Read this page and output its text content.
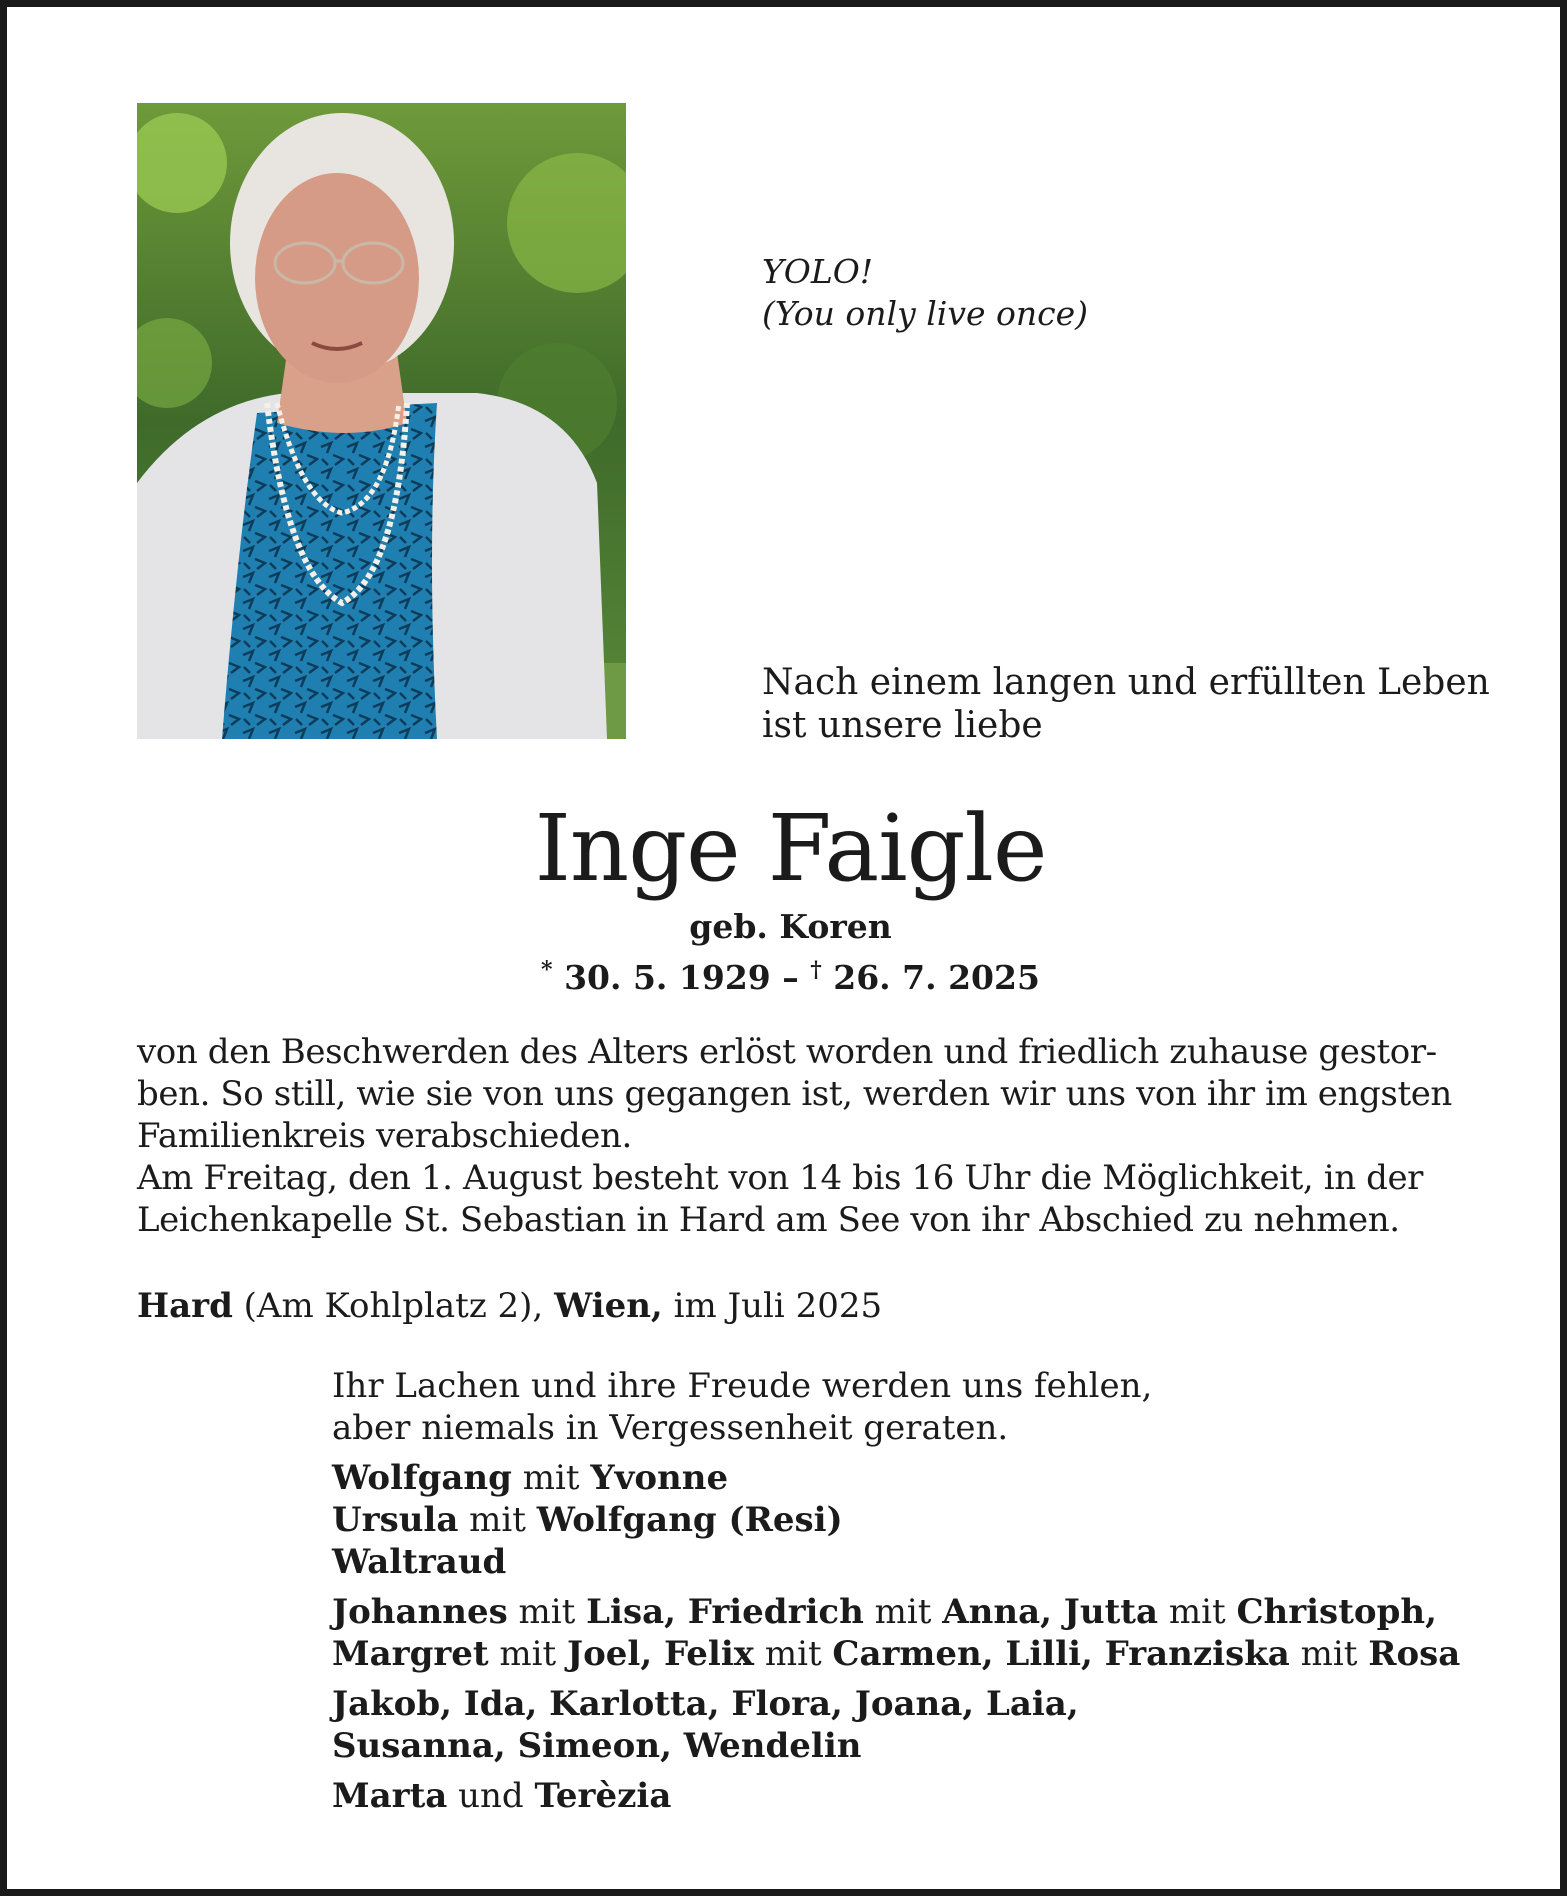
YOLO!
(You only live once)
Nach einem langen und erfüllten Leben
ist unsere liebe
Inge Faigle
geb. Koren
* 30. 5. 1929 – † 26. 7. 2025
von den Beschwerden des Alters erlöst worden und friedlich zuhause gestor-
ben. So still, wie sie von uns gegangen ist, werden wir uns von ihr im engsten
Familienkreis verabschieden.
Am Freitag, den 1. August besteht von 14 bis 16 Uhr die Möglichkeit, in der
Leichenkapelle St. Sebastian in Hard am See von ihr Abschied zu nehmen.
Hard (Am Kohlplatz 2), Wien, im Juli 2025
Ihr Lachen und ihre Freude werden uns fehlen,
aber niemals in Vergessenheit geraten.
Wolfgang mit Yvonne
Ursula mit Wolfgang (Resi)
Waltraud
Johannes mit Lisa, Friedrich mit Anna, Jutta mit Christoph,
Margret mit Joel, Felix mit Carmen, Lilli, Franziska mit Rosa
Jakob, Ida, Karlotta, Flora, Joana, Laia,
Susanna, Simeon, Wendelin
Marta und Terèzia
